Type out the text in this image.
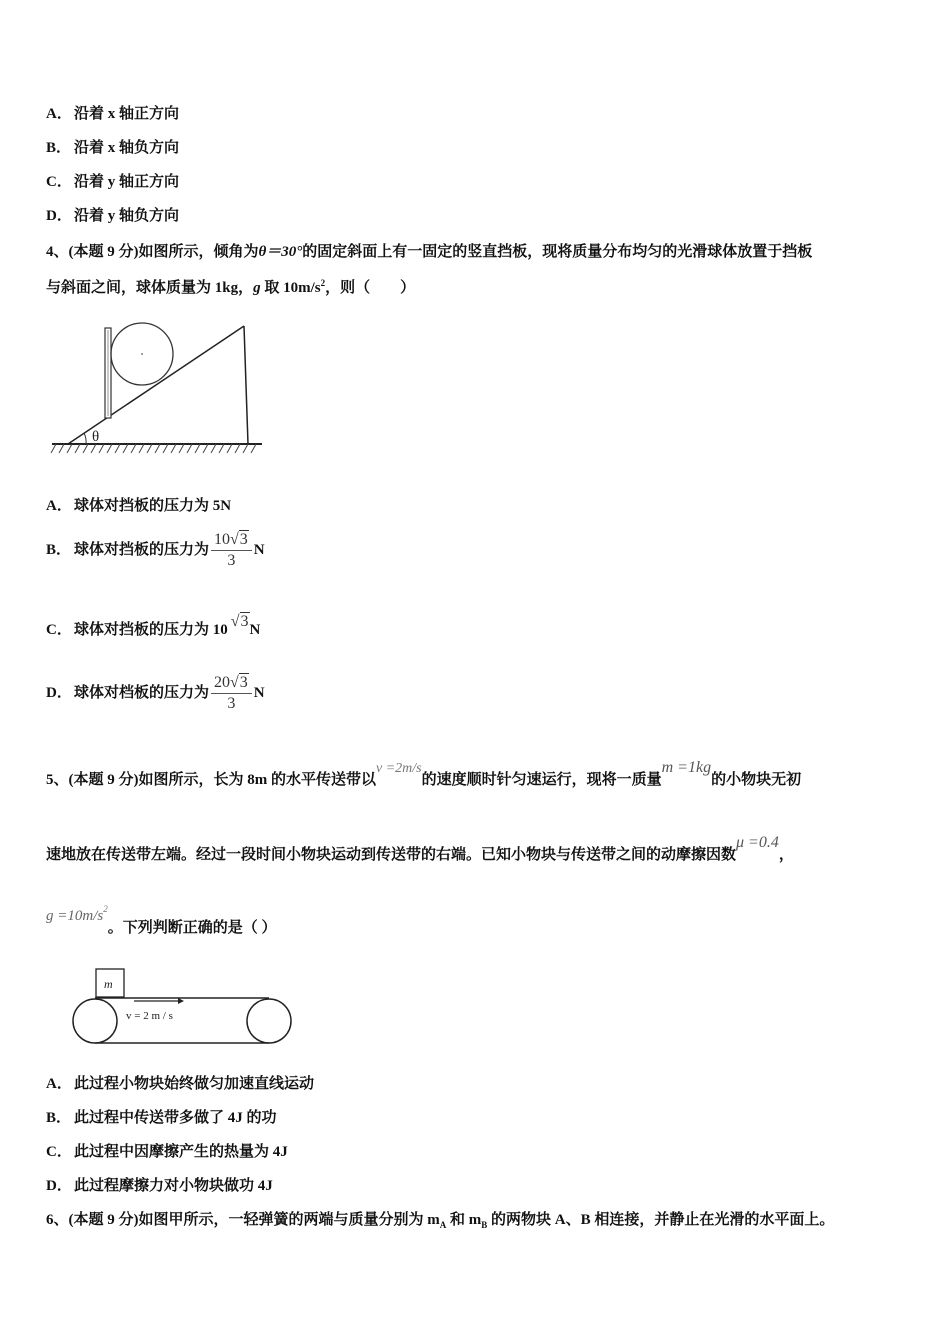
A． 沿着 x 轴正方向
B． 沿着 x 轴负方向
C． 沿着 y 轴正方向
D． 沿着 y 轴负方向
4、(本题 9 分)如图所示，倾角为θ＝30°的固定斜面上有一固定的竖直挡板，现将质量分布均匀的光滑球体放置于挡板
与斜面之间，球体质量为 1kg，g 取 $10m/s^2$，则（　　）
θ
A． 球体对挡板的压力为 5N
B． 球体对挡板的压力为 $\frac{10√3}{3}$ N
C． 球体对挡板的压力为 10 √3N
D． 球体对档板的压力为 $\frac{20√3}{3}$ N
5、(本题 9 分)如图所示，长为 8m 的水平传送带以v =2m/s的速度顺时针匀速运行，现将一质量m =1kg的小物块无初
速地放在传送带左端。经过一段时间小物块运动到传送带的右端。已知小物块与传送带之间的动摩擦因数μ =0.4，
$g =10m/s^2$。下列判断正确的是（ ）
m
v = 2 m / s
A． 此过程小物块始终做匀加速直线运动
B． 此过程中传送带多做了 4J 的功
C． 此过程中因摩擦产生的热量为 4J
D． 此过程摩擦力对小物块做功 4J
6、(本题 9 分)如图甲所示，一轻弹簧的两端与质量分别为 $m_A$ 和 $m_B$ 的两物块 A、B 相连接，并静止在光滑的水平面上。
